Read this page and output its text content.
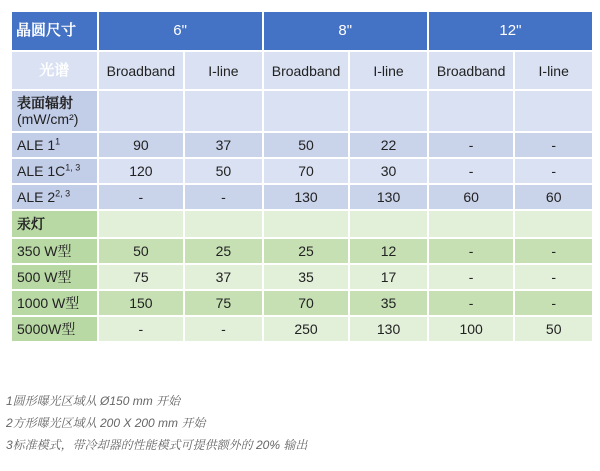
晶圆尺寸	6"		8"		12"	
光谱	Broadband	I-line	Broadband	I-line	Broadband	I-line

表面辐射
(mW/cm²)						

ALE $1^1$	90	37	50	22	-	-
ALE $1C^{1, 3}$	120	50	70	30	-	-
ALE 2$^{2, 3}$	-	-	130	130	60	60
汞灯						
350 W型	50	25	25	12	-	-
500 W型	75	37	35	17	-	-
1000 W型	150	75	70	35	-	-
5000W型	-	-	250	130	100	50
1圆形曝光区域从 Ø150 mm 开始
2方形曝光区域从 200 X 200 mm 开始
3标准模式，带冷却器的性能模式可提供额外的 20% 输出
